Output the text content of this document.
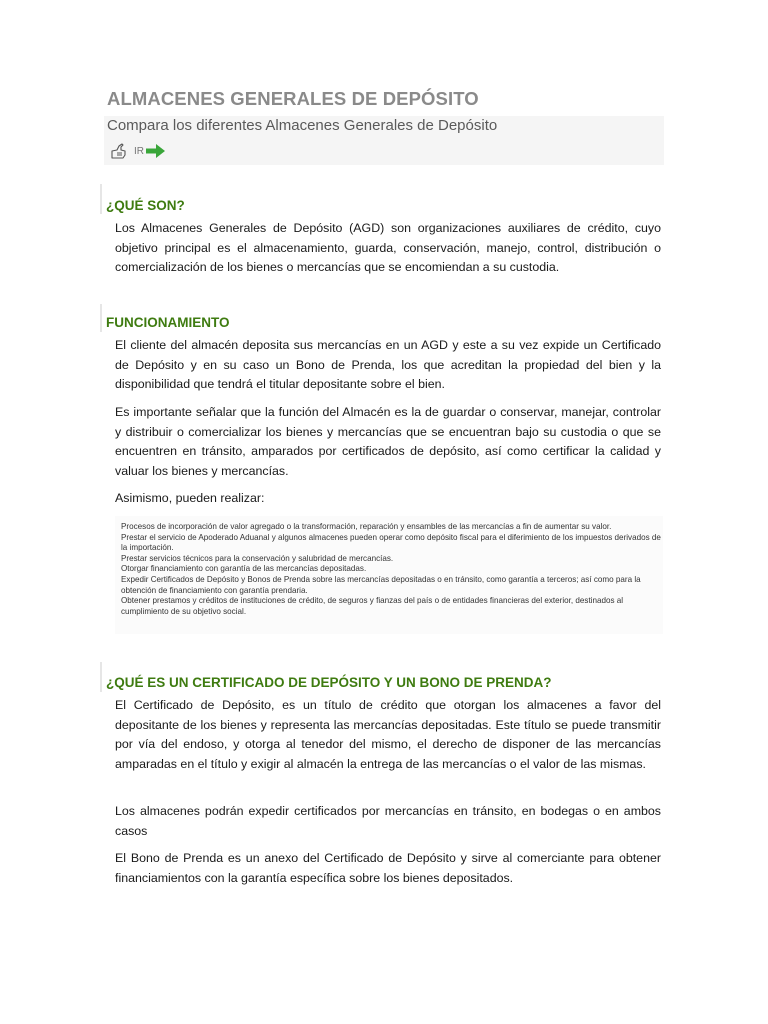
ALMACENES GENERALES DE DEPÓSITO
Compara los diferentes Almacenes Generales de Depósito
IR
¿QUÉ SON?

Los Almacenes Generales de Depósito (AGD) son organizaciones auxiliares de crédito, cuyo objetivo principal es el almacenamiento, guarda, conservación, manejo, control, distribución o comercialización de los bienes o mercancías que se encomiendan a su custodia.

FUNCIONAMIENTO

El cliente del almacén deposita sus mercancías en un AGD y este a su vez expide un Certificado de Depósito y en su caso un Bono de Prenda, los que acreditan la propiedad del bien y la disponibilidad que tendrá el titular depositante sobre el bien.

Es importante señalar que la función del Almacén es la de guardar o conservar, manejar, controlar y distribuir o comercializar los bienes y mercancías que se encuentran bajo su custodia o que se encuentren en tránsito, amparados por certificados de depósito, así como certificar la calidad y valuar los bienes y mercancías.

Asimismo, pueden realizar:

Procesos de incorporación de valor agregado o la transformación, reparación y ensambles de las mercancías a fin de aumentar su valor.
Prestar el servicio de Apoderado Aduanal y algunos almacenes pueden operar como depósito fiscal para el diferimiento de los impuestos derivados de la importación.
Prestar servicios técnicos para la conservación y salubridad de mercancías.
Otorgar financiamiento con garantía de las mercancías depositadas.
Expedir Certificados de Depósito y Bonos de Prenda sobre las mercancías depositadas o en tránsito, como garantía a terceros; así como para la obtención de financiamiento con garantía prendaria.
Obtener prestamos y créditos de instituciones de crédito, de seguros y fianzas del país o de entidades financieras del exterior, destinados al cumplimiento de su objetivo social.
¿QUÉ ES UN CERTIFICADO DE DEPÓSITO Y UN BONO DE PRENDA?

El Certificado de Depósito, es un título de crédito que otorgan los almacenes a favor del depositante de los bienes y representa las mercancías depositadas. Este título se puede transmitir por vía del endoso, y otorga al tenedor del mismo, el derecho de disponer de las mercancías amparadas en el título y exigir al almacén la entrega de las mercancías o el valor de las mismas.

Los almacenes podrán expedir certificados por mercancías en tránsito, en bodegas o en ambos casos

El Bono de Prenda es un anexo del Certificado de Depósito y sirve al comerciante para obtener financiamientos con la garantía específica sobre los bienes depositados.
